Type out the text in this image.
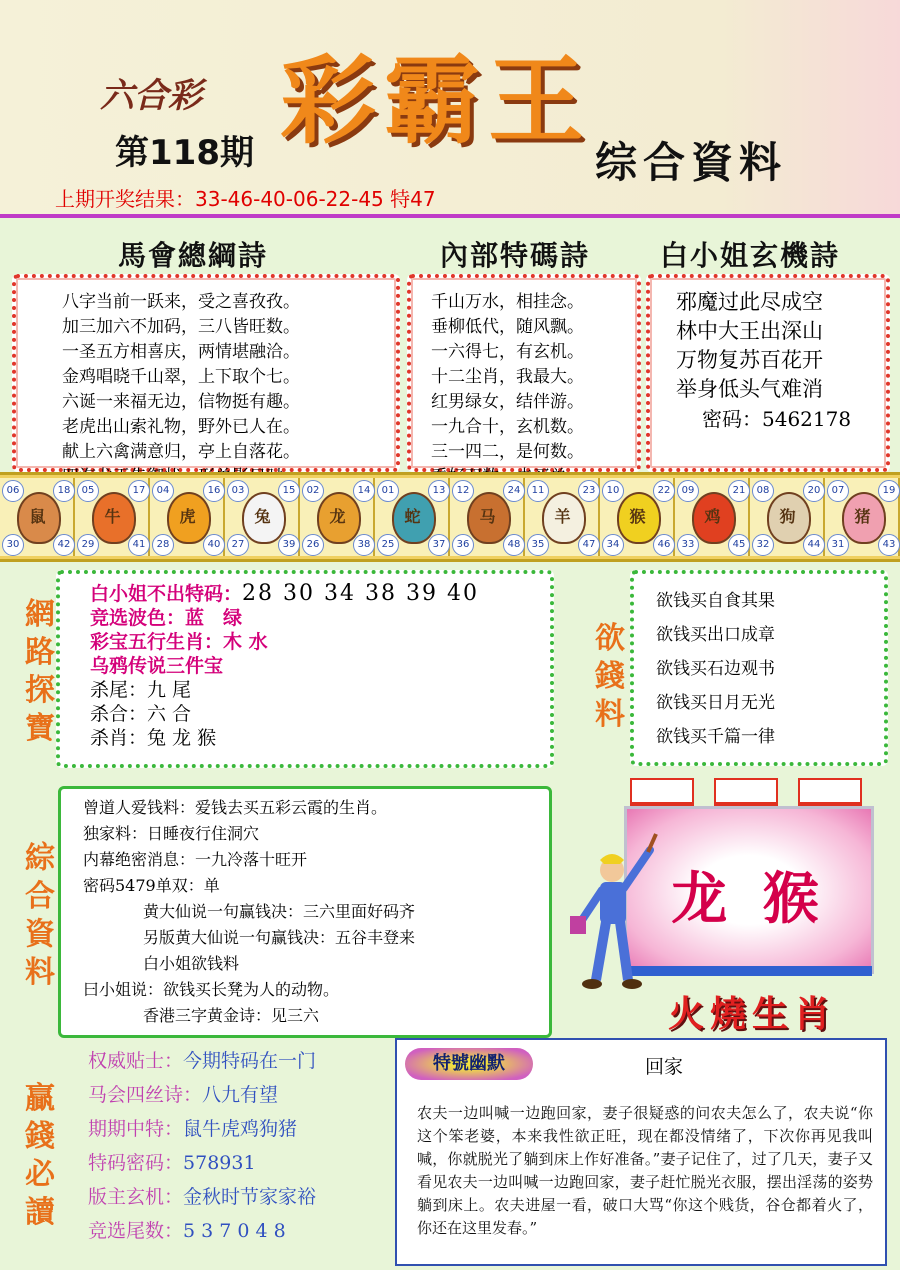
六合彩 彩霸王
第118期	综合資料
上期开奖结果：33-46-40-06-22-45 特47
馬會總綱詩	內部特碼詩 白小姐玄機詩
八字当前一跃来，受之喜孜孜。
加三加六不加码，三八皆旺数。
一圣五方相喜庆，两情堪融洽。
金鸡唱晓千山翠，上下取个七。
六诞一来福无边，信物挺有趣。
老虎出山索礼物，野外已人在。
献上六禽满意归，亭上自落花。
千山万水，相挂念。
垂柳低代，随风飘。
一六得七，有玄机。
十二尘肖，我最大。
红男绿女，结伴游。
一九合十，玄机数。
三一四二，是何数。
邪魔过此尽成空
林中大王出深山
万物复苏百花开
举身低头气难消
密码：5462178
鼠
06	18
30	42
牛
05	17
29	41
虎
04	16
28	40
兔
03	15
27	39
龙
02	14
26	38
蛇
01	13
25	37
马
12	24
36	48
羊
11	23
35	47
猴
10	22
34	46
鸡
09	21
33	45
狗
08	20
32	44
猪
07	19
31	43
網
路
探
寶
白小姐不出特码：28 30 34 38 39 40
竞选波色：蓝　绿
彩宝五行生肖：木 水
乌鸦传说三件宝
杀尾：九 尾
杀合：六 合
杀肖：兔 龙 猴
欲
錢
料
欲钱买自食其果
欲钱买出口成章
欲钱买石边观书
欲钱买日月无光
欲钱买千篇一律
綜
合
資
料
曾道人爱钱料：爱钱去买五彩云霞的生肖。
独家料：日睡夜行住洞穴
内幕绝密消息：一九冷落十旺开
密码5479单双：单
黄大仙说一句赢钱决：三六里面好码齐
另版黄大仙说一句赢钱决：五谷丰登来
白小姐欲钱料
曰小姐说：欲钱买长凳为人的动物。
香港三字黄金诗：见三六
龙 猴
火燒生肖
贏
錢
必
讀
权威贴士：今期特码在一门
马会四丝诗：八九有望
期期中特：鼠牛虎鸡狗猪
特码密码：578931
版主玄机：金秋时节家家裕
竞选尾数：5 3 7 0 4 8
特號幽默	回家
农夫一边叫喊一边跑回家，妻子很疑惑的问农夫怎么了，农夫说“你这个笨老婆，本来我性欲正旺，现在都没情绪了，下次你再见我叫喊，你就脱光了躺到床上作好准备。”妻子记住了，过了几天，妻子又看见农夫一边叫喊一边跑回家，妻子赶忙脱光衣服，摆出淫荡的姿势躺到床上。农夫进屋一看，破口大骂“你这个贱货，谷仓都着火了，你还在这里发春。”
